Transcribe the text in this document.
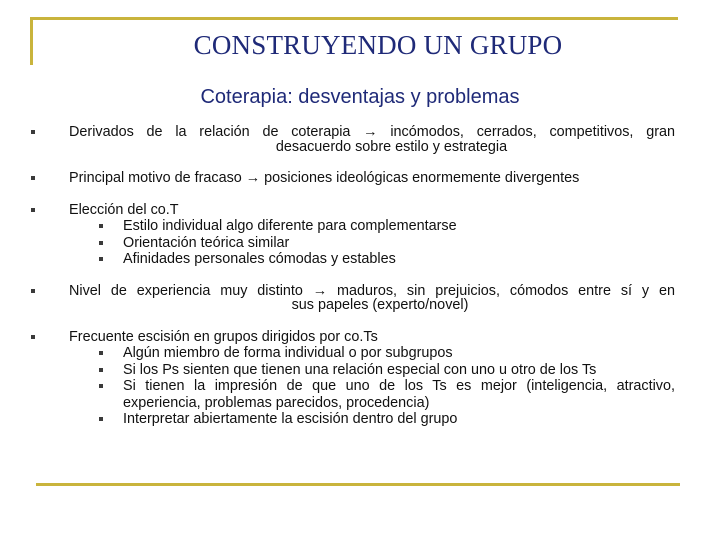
CONSTRUYENDO UN GRUPO
Coterapia: desventajas y problemas
Derivados de la relación de coterapia → incómodos, cerrados, competitivos, gran
desacuerdo sobre estilo y estrategia
Principal motivo de fracaso → posiciones ideológicas enormemente divergentes
Elección del co.T
Estilo individual algo diferente para complementarse
Orientación teórica similar
Afinidades personales cómodas y estables
Nivel de experiencia muy distinto → maduros, sin prejuicios, cómodos entre sí y en
sus papeles (experto/novel)
Frecuente escisión en grupos dirigidos por co.Ts
Algún miembro de forma individual o por subgrupos
Si los Ps sienten que tienen una relación especial con uno u otro de los Ts
Si tienen la impresión de que uno de los Ts es mejor (inteligencia, atractivo, experiencia, problemas parecidos, procedencia)
Interpretar abiertamente la escisión dentro del grupo
